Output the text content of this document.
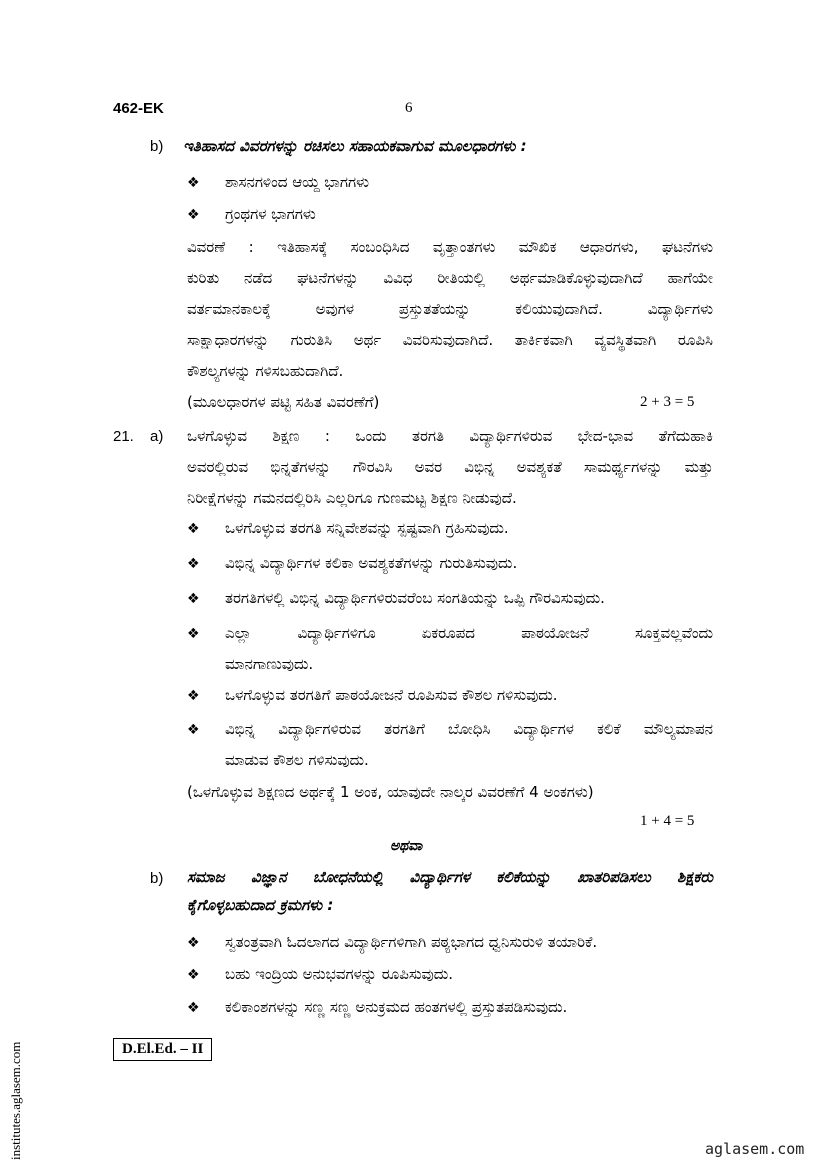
462-EK	6
b) ಇತಿಹಾಸದ ವಿವರಗಳನ್ನು ರಚಿಸಲು ಸಹಾಯಕವಾಗುವ ಮೂಲಧಾರಗಳು :
❖ ಶಾಸನಗಳಿಂದ ಆಯ್ದ ಭಾಗಗಳು
❖ ಗ್ರಂಥಗಳ ಭಾಗಗಳು
ವಿವರಣೆ : ಇತಿಹಾಸಕ್ಕೆ ಸಂಬಂಧಿಸಿದ ವೃತ್ತಾಂತಗಳು ಮೌಖಿಕ ಆಧಾರಗಳು, ಘಟನೆಗಳು
ಕುರಿತು ನಡೆದ ಘಟನೆಗಳನ್ನು ವಿವಿಧ ರೀತಿಯಲ್ಲಿ ಅರ್ಥಮಾಡಿಕೊಳ್ಳುವುದಾಗಿದೆ ಹಾಗೆಯೇ
ವರ್ತಮಾನಕಾಲಕ್ಕೆ ಅವುಗಳ ಪ್ರಸ್ತುತತೆಯನ್ನು ಕಲಿಯುವುದಾಗಿದೆ. ವಿದ್ಯಾರ್ಥಿಗಳು
ಸಾಕ್ಷಾಧಾರಗಳನ್ನು ಗುರುತಿಸಿ ಅರ್ಥ ವಿವರಿಸುವುದಾಗಿದೆ. ತಾರ್ಕಿಕವಾಗಿ ವ್ಯವಸ್ಥಿತವಾಗಿ ರೂಪಿಸಿ
ಕೌಶಲ್ಯಗಳನ್ನು ಗಳಿಸಬಹುದಾಗಿದೆ.
(ಮೂಲಧಾರಗಳ ಪಟ್ಟಿ ಸಹಿತ ವಿವರಣೆಗೆ)	2 + 3 = 5
21. a) ಒಳಗೊಳ್ಳುವ ಶಿಕ್ಷಣ : ಒಂದು ತರಗತಿ ವಿದ್ಯಾರ್ಥಿಗಳಿರುವ ಭೇದ-ಭಾವ ತೆಗೆದುಹಾಕಿ
ಅವರಲ್ಲಿರುವ ಭಿನ್ನತೆಗಳನ್ನು ಗೌರವಿಸಿ ಅವರ ವಿಭಿನ್ನ ಅವಶ್ಯಕತೆ ಸಾಮರ್ಥ್ಯಗಳನ್ನು ಮತ್ತು
ನಿರೀಕ್ಷೆಗಳನ್ನು ಗಮನದಲ್ಲಿರಿಸಿ ಎಲ್ಲರಿಗೂ ಗುಣಮಟ್ಟ ಶಿಕ್ಷಣ ನೀಡುವುದೆ.
❖ ಒಳಗೊಳ್ಳುವ ತರಗತಿ ಸನ್ನಿವೇಶವನ್ನು ಸ್ಪಷ್ಟವಾಗಿ ಗ್ರಹಿಸುವುದು.
❖ ವಿಭಿನ್ನ ವಿದ್ಯಾರ್ಥಿಗಳ ಕಲಿಕಾ ಅವಶ್ಯಕತೆಗಳನ್ನು ಗುರುತಿಸುವುದು.
❖ ತರಗತಿಗಳಲ್ಲಿ ವಿಭಿನ್ನ ವಿದ್ಯಾರ್ಥಿಗಳಿರುವರೆಂಬ ಸಂಗತಿಯನ್ನು ಒಪ್ಪಿ ಗೌರವಿಸುವುದು.
❖ ಎಲ್ಲಾ ವಿದ್ಯಾರ್ಥಿಗಳಿಗೂ ಏಕರೂಪದ ಪಾಠಯೋಜನೆ ಸೂಕ್ತವಲ್ಲವೆಂದು
ಮಾನಗಾಣುವುದು.
❖ ಒಳಗೊಳ್ಳುವ ತರಗತಿಗೆ ಪಾಠಯೋಜನೆ ರೂಪಿಸುವ ಕೌಶಲ ಗಳಿಸುವುದು.
❖ ವಿಭಿನ್ನ ವಿದ್ಯಾರ್ಥಿಗಳಿರುವ ತರಗತಿಗೆ ಬೋಧಿಸಿ ವಿದ್ಯಾರ್ಥಿಗಳ ಕಲಿಕೆ ಮೌಲ್ಯಮಾಪನ
ಮಾಡುವ ಕೌಶಲ ಗಳಿಸುವುದು.
(ಒಳಗೊಳ್ಳುವ ಶಿಕ್ಷಣದ ಅರ್ಥಕ್ಕೆ 1 ಅಂಕ, ಯಾವುದೇ ನಾಲ್ಕರ ವಿವರಣೆಗೆ 4 ಅಂಕಗಳು)
1 + 4 = 5
ಅಥವಾ
b) ಸಮಾಜ ವಿಜ್ಞಾನ ಬೋಧನೆಯಲ್ಲಿ ವಿದ್ಯಾರ್ಥಿಗಳ ಕಲಿಕೆಯನ್ನು ಖಾತರಿಪಡಿಸಲು ಶಿಕ್ಷಕರು
ಕೈಗೊಳ್ಳಬಹುದಾದ ಕ್ರಮಗಳು :
❖ ಸ್ವತಂತ್ರವಾಗಿ ಓದಲಾಗದ ವಿದ್ಯಾರ್ಥಿಗಳಿಗಾಗಿ ಪಠ್ಯಭಾಗದ ಧ್ವನಿಸುರುಳಿ ತಯಾರಿಕೆ.
❖ ಬಹು ಇಂದ್ರಿಯ ಅನುಭವಗಳನ್ನು ರೂಪಿಸುವುದು.
❖ ಕಲಿಕಾಂಶಗಳನ್ನು ಸಣ್ಣ ಸಣ್ಣ ಅನುಕ್ರಮದ ಹಂತಗಳಲ್ಲಿ ಪ್ರಸ್ತುತಪಡಿಸುವುದು.
D.El.Ed. – II
institutes.aglasem.com	aglasem.com
